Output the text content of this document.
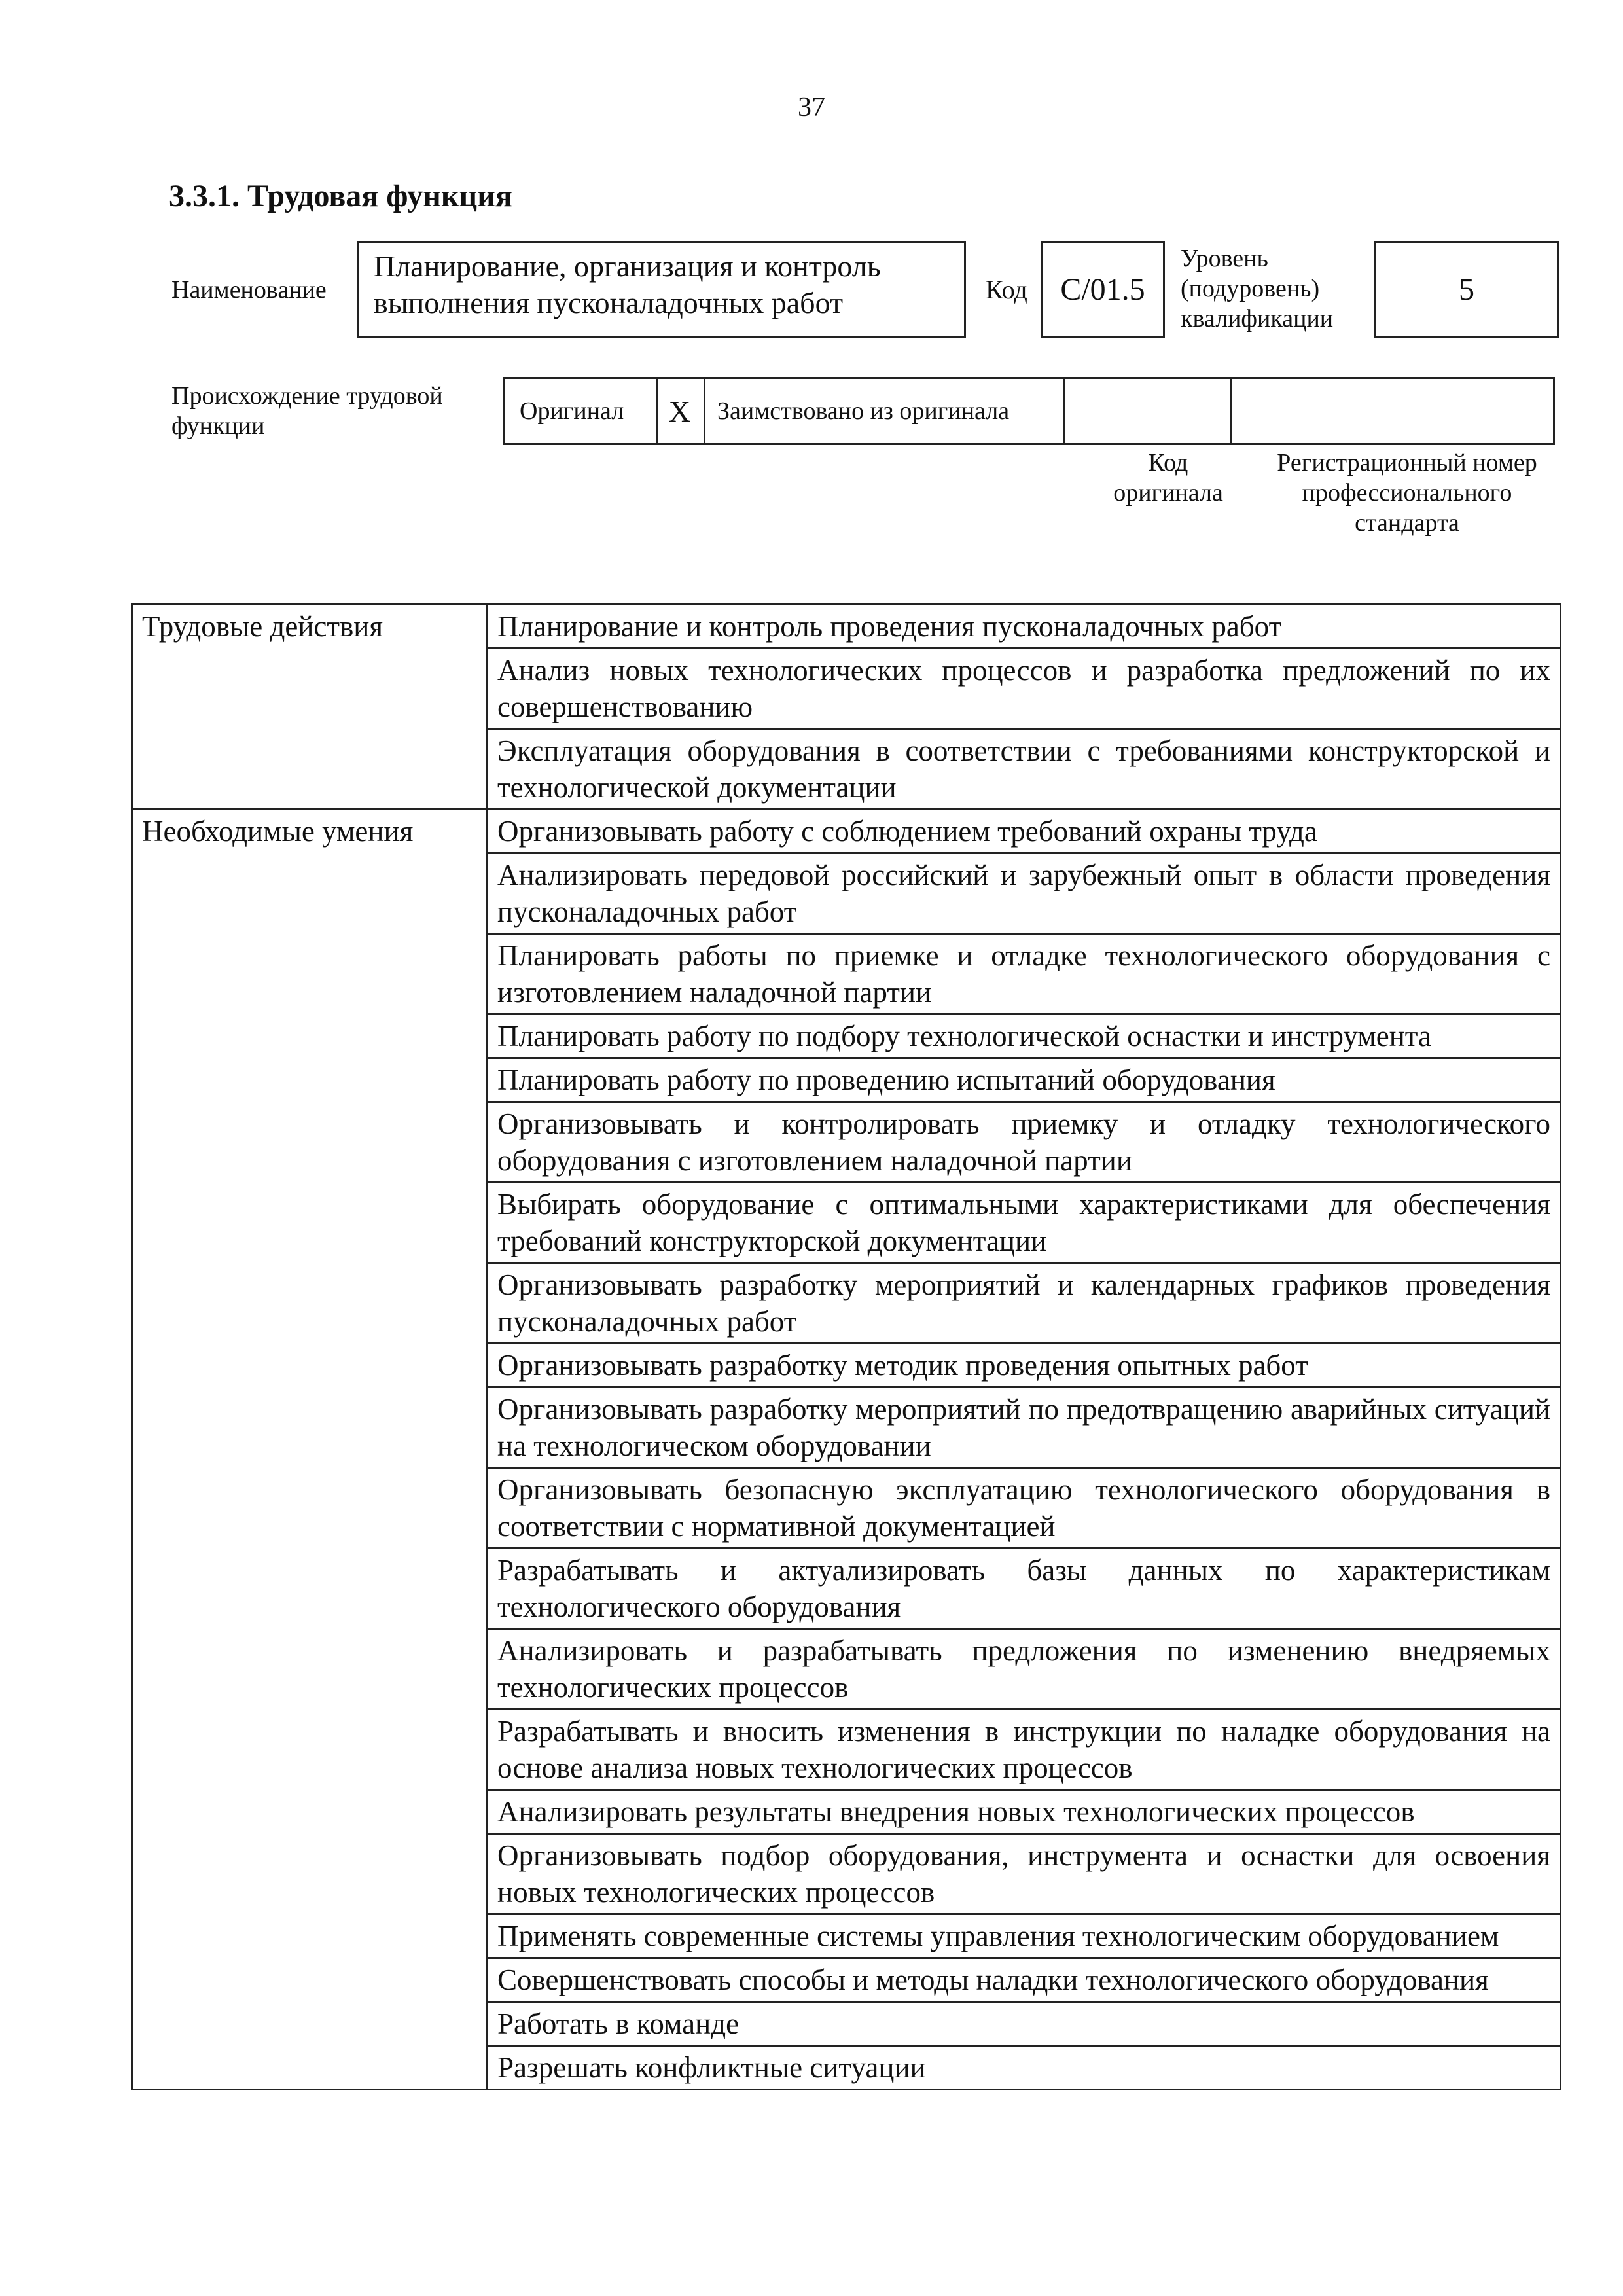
37
3.3.1. Трудовая функция
Наименование
Планирование, организация и контроль выполнения пусконаладочных работ	Код C/01.5
Уровень (подуровень) квалификации
5
Происхождение трудовой функции
Оригинал X Заимствовано из оригинала
Код оригинала
Регистрационный номер профессионального стандарта
Трудовые действия	Планирование и контроль проведения пусконаладочных работ
	Анализ новых технологических процессов и разработка предложений по их совершенствованию
	Эксплуатация оборудования в соответствии с требованиями конструкторской и технологической документации
Необходимые умения	Организовывать работу с соблюдением требований охраны труда
	Анализировать передовой российский и зарубежный опыт в области проведения пусконаладочных работ
	Планировать работы по приемке и отладке технологического оборудования с изготовлением наладочной партии
	Планировать работу по подбору технологической оснастки и инструмента
	Планировать работу по проведению испытаний оборудования
	Организовывать и контролировать приемку и отладку технологического оборудования с изготовлением наладочной партии
	Выбирать оборудование с оптимальными характеристиками для обеспечения требований конструкторской документации
	Организовывать разработку мероприятий и календарных графиков проведения пусконаладочных работ
	Организовывать разработку методик проведения опытных работ
	Организовывать разработку мероприятий по предотвращению аварийных ситуаций на технологическом оборудовании
	Организовывать безопасную эксплуатацию технологического оборудования в соответствии с нормативной документацией
	Разрабатывать и актуализировать базы данных по характеристикам технологического оборудования
	Анализировать и разрабатывать предложения по изменению внедряемых технологических процессов
	Разрабатывать и вносить изменения в инструкции по наладке оборудования на основе анализа новых технологических процессов
	Анализировать результаты внедрения новых технологических процессов
	Организовывать подбор оборудования, инструмента и оснастки для освоения новых технологических процессов
	Применять современные системы управления технологическим оборудованием
	Совершенствовать способы и методы наладки технологического оборудования
	Работать в команде
	Разрешать конфликтные ситуации
